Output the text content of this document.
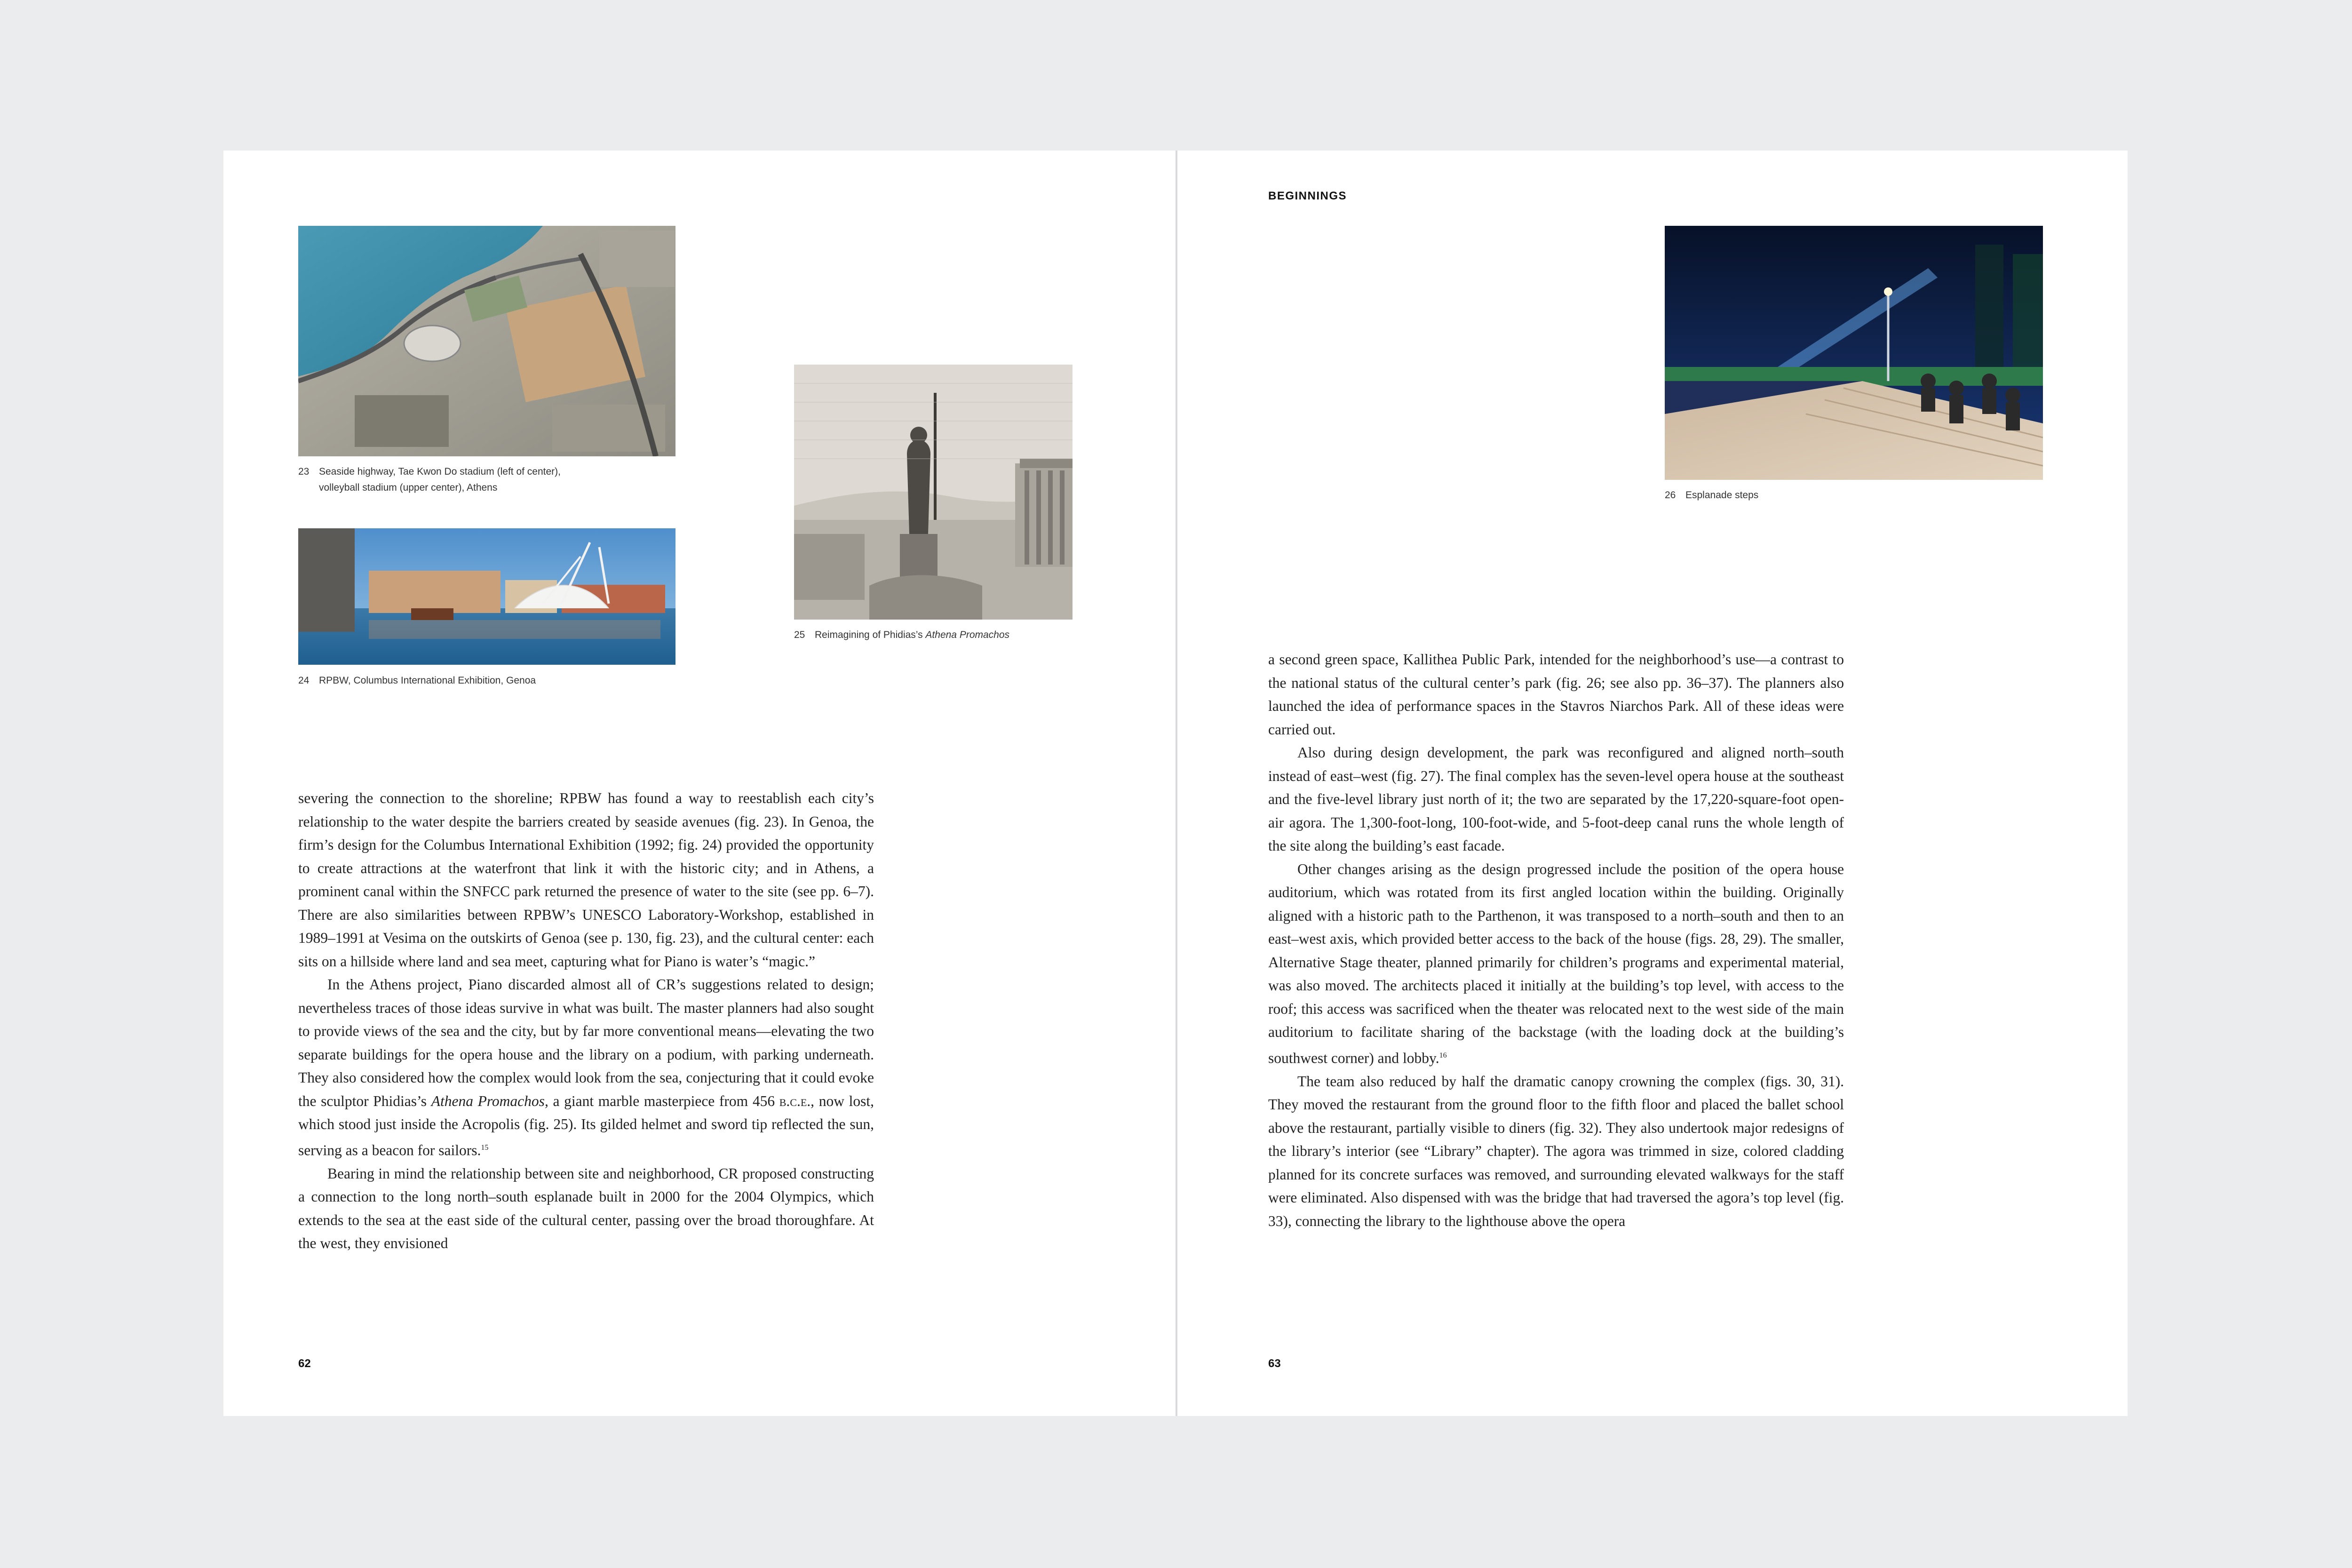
23 Seaside highway, Tae Kwon Do stadium (left of center), volleyball stadium (upper center), Athens
24 RPBW, Columbus International Exhibition, Genoa
25 Reimagining of Phidias’s Athena Promachos

severing the connection to the shoreline; RPBW has found a way to reestablish each city’s relationship to the water despite the barriers created by seaside avenues (fig. 23). In Genoa, the firm’s design for the Columbus International Exhibition (1992; fig. 24) provided the opportunity to create attractions at the waterfront that link it with the historic city; and in Athens, a prominent canal within the SNFCC park returned the presence of water to the site (see pp. 6–7). There are also similarities between RPBW’s UNESCO Laboratory-Workshop, established in 1989–1991 at Vesima on the outskirts of Genoa (see p. 130, fig. 23), and the cultural center: each sits on a hillside where land and sea meet, capturing what for Piano is water’s “magic.”

In the Athens project, Piano discarded almost all of CR’s suggestions related to design; nevertheless traces of those ideas survive in what was built. The master planners had also sought to provide views of the sea and the city, but by far more conventional means—elevating the two separate buildings for the opera house and the library on a podium, with parking underneath. They also considered how the complex would look from the sea, conjecturing that it could evoke the sculptor Phidias’s Athena Promachos, a giant marble masterpiece from 456 b.c.e., now lost, which stood just inside the Acropolis (fig. 25). Its gilded helmet and sword tip reflected the sun, serving as a beacon for sailors.$^{15}$

Bearing in mind the relationship between site and neighborhood, CR proposed constructing a connection to the long north–south esplanade built in 2000 for the 2004 Olympics, which extends to the sea at the east side of the cultural center, passing over the broad thoroughfare. At the west, they envisioned

62
BEGINNINGS
26 Esplanade steps

a second green space, Kallithea Public Park, intended for the neighborhood’s use—a contrast to the national status of the cultural center’s park (fig. 26; see also pp. 36–37). The planners also launched the idea of performance spaces in the Stavros Niarchos Park. All of these ideas were carried out.

Also during design development, the park was reconfigured and aligned north–south instead of east–west (fig. 27). The final complex has the seven-level opera house at the southeast and the five-level library just north of it; the two are separated by the 17,220-square-foot open-air agora. The 1,300-foot-long, 100-foot-wide, and 5-foot-deep canal runs the whole length of the site along the building’s east facade.

Other changes arising as the design progressed include the position of the opera house auditorium, which was rotated from its first angled location within the building. Originally aligned with a historic path to the Parthenon, it was transposed to a north–south and then to an east–west axis, which provided better access to the back of the house (figs. 28, 29). The smaller, Alternative Stage theater, planned primarily for children’s programs and experimental material, was also moved. The architects placed it initially at the building’s top level, with access to the roof; this access was sacrificed when the theater was relocated next to the west side of the main auditorium to facilitate sharing of the backstage (with the loading dock at the building’s southwest corner) and lobby.$^{16}$

The team also reduced by half the dramatic canopy crowning the complex (figs. 30, 31). They moved the restaurant from the ground floor to the fifth floor and placed the ballet school above the restaurant, partially visible to diners (fig. 32). They also undertook major redesigns of the library’s interior (see “Library” chapter). The agora was trimmed in size, colored cladding planned for its concrete surfaces was removed, and surrounding elevated walkways for the staff were eliminated. Also dispensed with was the bridge that had traversed the agora’s top level (fig. 33), connecting the library to the lighthouse above the opera

63
